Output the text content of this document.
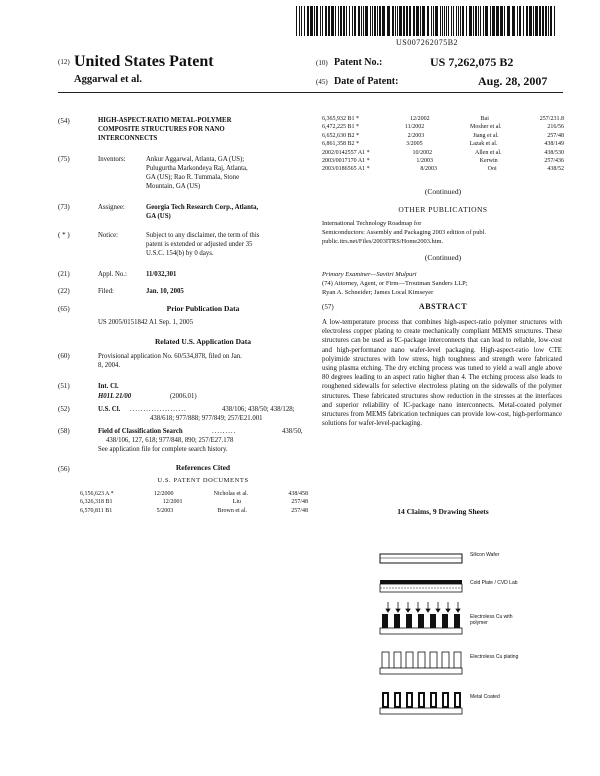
US007262075B2
(12) United States Patent
Aggarwal et al.
(10) Patent No.:	US 7,262,075 B2
(45) Date of Patent:	Aug. 28, 2007
(54)	HIGH-ASPECT-RATIO METAL-POLYMER
COMPOSITE STRUCTURES FOR NANO
INTERCONNECTS
(75)	Inventors:	Ankur Aggarwal, Atlanta, GA (US);
Pulugurtha Markondeya Raj, Atlanta,
GA (US); Rao R. Tummala, Stone
Mountain, GA (US)
(73)	Assignee:	Georgia Tech Research Corp., Atlanta,
GA (US)
( * )	Notice:	Subject to any disclaimer, the term of this
patent is extended or adjusted under 35
U.S.C. 154(b) by 0 days.
(21)	Appl. No.:	11/032,301
(22)	Filed:	Jan. 10, 2005
(65)	Prior Publication Data
US 2005/0151842 A1 Sep. 1, 2005
Related U.S. Application Data
(60)	Provisional application No. 60/534,878, filed on Jan.
8, 2004.
(51)	Int. Cl.
H01L 21/00	(2006.01)
(52)	U.S. Cl. .....................	438/106; 438/50; 438/128;
438/618; 977/888; 977/849; 257/E21.001
(58)	Field of Classification Search	.........	438/50,
438/106, 127, 618; 977/848, 890; 257/E27.178
See application file for complete search history.
(56)	References Cited
U.S. PATENT DOCUMENTS
6,156,623 A *	12/2000	Nicholas et al.	438/458
6,326,318 B1	12/2001	Liu	257/48
6,570,811 B1	5/2003	Brown et al.	257/48
6,365,932 B1 *	12/2002	Bai	257/231.8
6,472,225 B1 *	11/2002	Mosher et al.	216/56
6,652,630 B2 *	2/2003	Jiang et al.	257/48
6,861,358 B2 *	3/2005	Lazak et al.	438/149
2002/0142557 A1 *	10/2002	Allen et al.	438/530
2003/0017170 A1 *	1/2003	Kerwin	257/436
2003/0186565 A1 *	8/2003	Ooi	438/52
(Continued)
OTHER PUBLICATIONS
International Technology Roadmap for
Semiconductors: Assembly and Packaging 2003 edition of publ.
public.itrs.net/Files/2003ITRS/Home2003.htm.
(Continued)
Primary Examiner—Savitri Mulpuri
(74) Attorney, Agent, or Firm—Troutman Sanders LLP;
Ryan A. Schneider; James Local Kimseyer
(57)	ABSTRACT
A low-temperature process that combines high-aspect-ratio polymer structures with electroless copper plating to create mechanically compliant MEMS structures. These structures can be used as IC-package interconnects that can lead to reliable, low-cost and high-performance nano wafer-level packaging. High-aspect-ratio low CTE polyimide structures with low stress, high toughness and strength were fabricated using plasma etching. The dry etching process was tuned to yield a wall angle above 80 degrees leading to an aspect ratio higher than 4. The etching process also leads to roughened sidewalls for selective electroless plating on the sidewalls of the polymer structures. These fabricated structures show reduction in the stresses at the interfaces and superior reliability of IC-package nano interconnects. Metal-coated polymer structures from MEMS fabrication techniques can provide low-cost, high-performance solutions for wafer-level-packaging.
14 Claims, 9 Drawing Sheets
Silicon Wafer
Cold Plate / CVD Lab
Electroless Cu with polymer
Electroless Cu plating
Metal Coated
